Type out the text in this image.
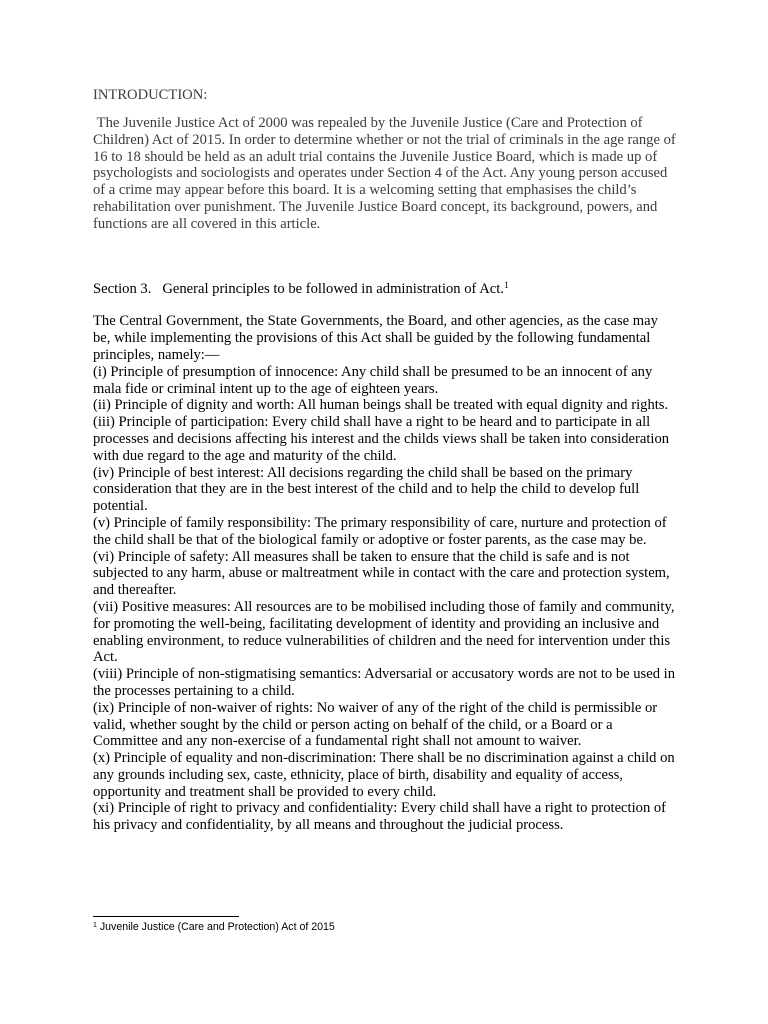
INTRODUCTION:
The Juvenile Justice Act of 2000 was repealed by the Juvenile Justice (Care and Protection of Children) Act of 2015. In order to determine whether or not the trial of criminals in the age range of 16 to 18 should be held as an adult trial contains the Juvenile Justice Board, which is made up of psychologists and sociologists and operates under Section 4 of the Act. Any young person accused of a crime may appear before this board. It is a welcoming setting that emphasises the child’s rehabilitation over punishment. The Juvenile Justice Board concept, its background, powers, and functions are all covered in this article.
Section 3.   General principles to be followed in administration of Act.$^1$
The Central Government, the State Governments, the Board, and other agencies, as the case may be, while implementing the provisions of this Act shall be guided by the following fundamental principles, namely:—
(i) Principle of presumption of innocence: Any child shall be presumed to be an innocent of any mala fide or criminal intent up to the age of eighteen years.
(ii) Principle of dignity and worth: All human beings shall be treated with equal dignity and rights.
(iii) Principle of participation: Every child shall have a right to be heard and to participate in all processes and decisions affecting his interest and the childs views shall be taken into consideration with due regard to the age and maturity of the child.
(iv) Principle of best interest: All decisions regarding the child shall be based on the primary consideration that they are in the best interest of the child and to help the child to develop full potential.
(v) Principle of family responsibility: The primary responsibility of care, nurture and protection of the child shall be that of the biological family or adoptive or foster parents, as the case may be.
(vi) Principle of safety: All measures shall be taken to ensure that the child is safe and is not subjected to any harm, abuse or maltreatment while in contact with the care and protection system, and thereafter.
(vii) Positive measures: All resources are to be mobilised including those of family and community, for promoting the well-being, facilitating development of identity and providing an inclusive and enabling environment, to reduce vulnerabilities of children and the need for intervention under this Act.
(viii) Principle of non-stigmatising semantics: Adversarial or accusatory words are not to be used in the processes pertaining to a child.
(ix) Principle of non-waiver of rights: No waiver of any of the right of the child is permissible or valid, whether sought by the child or person acting on behalf of the child, or a Board or a Committee and any non-exercise of a fundamental right shall not amount to waiver.
(x) Principle of equality and non-discrimination: There shall be no discrimination against a child on any grounds including sex, caste, ethnicity, place of birth, disability and equality of access, opportunity and treatment shall be provided to every child.
(xi) Principle of right to privacy and confidentiality: Every child shall have a right to protection of his privacy and confidentiality, by all means and throughout the judicial process.
$^1$ Juvenile Justice (Care and Protection) Act of 2015
